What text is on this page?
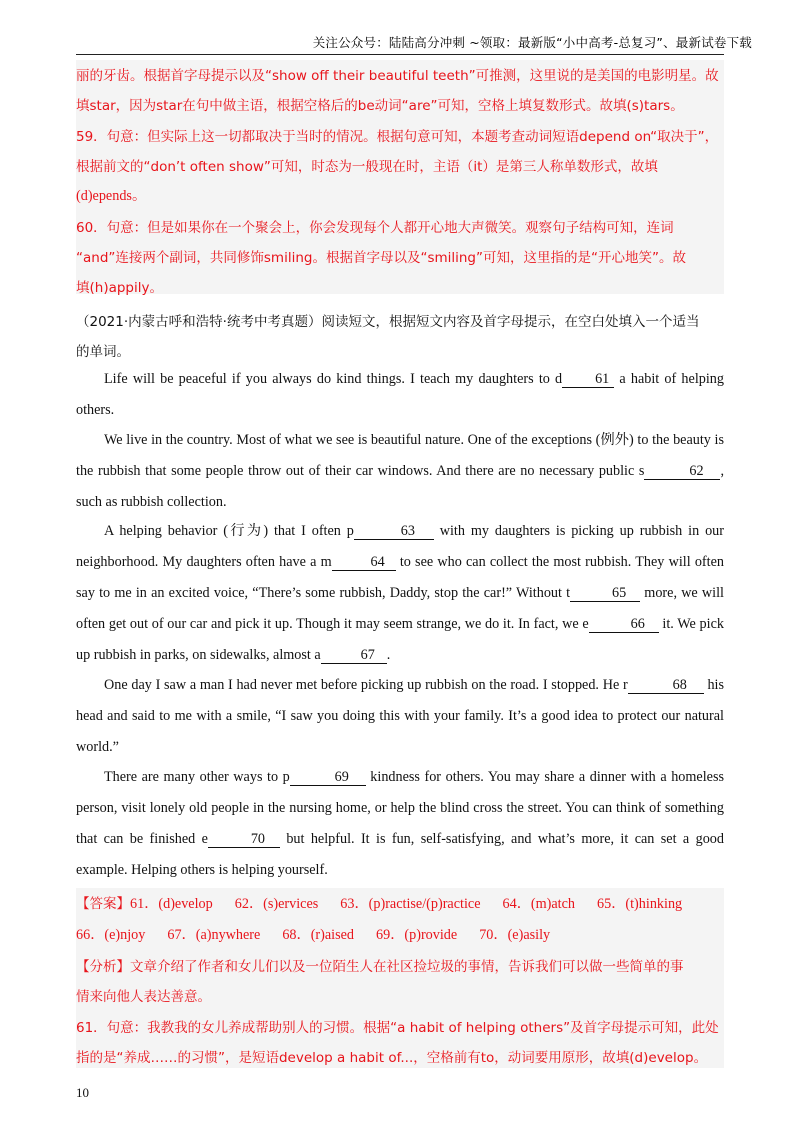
关注公众号：陆陆高分冲刺 ~领取：最新版“小中高考-总复习”、最新试卷下载
丽的牙齿。根据首字母提示以及“show off their beautiful teeth”可推测，这里说的是美国的电影明星。故
填star，因为star在句中做主语，根据空格后的be动词“are”可知，空格上填复数形式。故填(s)tars。
59．句意：但实际上这一切都取决于当时的情况。根据句意可知，本题考查动词短语depend on“取决于”，
根据前文的“don’t often show”可知，时态为一般现在时，主语（it）是第三人称单数形式，故填
(d)epends。
60．句意：但是如果你在一个聚会上，你会发现每个人都开心地大声微笑。观察句子结构可知，连词
“and”连接两个副词，共同修饰smiling。根据首字母以及“smiling”可知，这里指的是“开心地笑”。故
填(h)appily。
（2021·内蒙古呼和浩特·统考中考真题）阅读短文，根据短文内容及首字母提示，在空白处填入一个适当
的单词。
Life will be peaceful if you always do kind things. I teach my daughters to d 61 a habit of helping others.
We live in the country. Most of what we see is beautiful nature. One of the exceptions (例外) to the beauty is the rubbish that some people throw out of their car windows. And there are no necessary public s	62 , such as rubbish collection.
A helping behavior (行为) that I often p	63 with my daughters is picking up rubbish in our neighborhood. My daughters often have a m	64 to see who can collect the most rubbish. They will often say to me in an excited voice, “There’s some rubbish, Daddy, stop the car!” Without t	65 more, we will often get out of our car and pick it up. Though it may seem strange, we do it. In fact, we e	66 it. We pick up rubbish in parks, on sidewalks, almost a	67 .
One day I saw a man I had never met before picking up rubbish on the road. I stopped. He r	68 his head and said to me with a smile, “I saw you doing this with your family. It’s a good idea to protect our natural world.”
There are many other ways to p	69 kindness for others. You may share a dinner with a homeless person, visit lonely old people in the nursing home, or help the blind cross the street. You can think of something that can be finished e	70 but helpful. It is fun, self-satisfying, and what’s more, it can set a good example. Helping others is helping yourself.
【答案】61．(d)evelop 62．(s)ervices 63．(p)ractise/(p)ractice 64．(m)atch 65．(t)hinking
66．(e)njoy 67．(a)nywhere 68．(r)aised 69．(p)rovide 70．(e)asily
【分析】文章介绍了作者和女儿们以及一位陌生人在社区捡垃圾的事情，告诉我们可以做一些简单的事
情来向他人表达善意。
61．句意：我教我的女儿养成帮助别人的习惯。根据“a habit of helping others”及首字母提示可知，此处
指的是“养成……的习惯”，是短语develop a habit of...，空格前有to，动词要用原形，故填(d)evelop。
10
